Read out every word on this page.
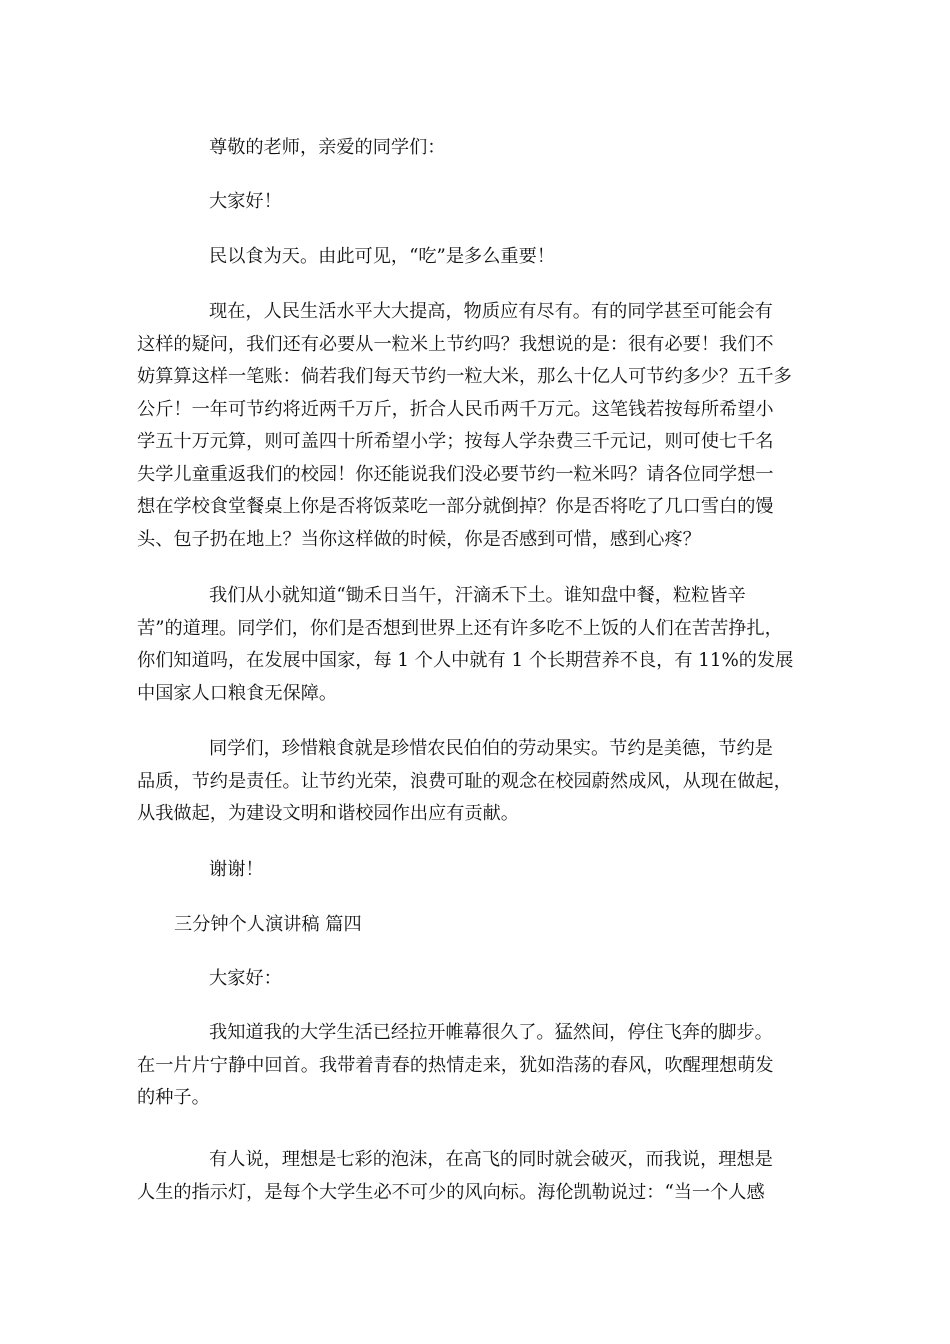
尊敬的老师，亲爱的同学们：

大家好！

民以食为天。由此可见，“吃”是多么重要！

现在，人民生活水平大大提高，物质应有尽有。有的同学甚至可能会有
这样的疑问，我们还有必要从一粒米上节约吗？我想说的是：很有必要！我们不
妨算算这样一笔账：倘若我们每天节约一粒大米，那么十亿人可节约多少？五千多
公斤！一年可节约将近两千万斤，折合人民币两千万元。这笔钱若按每所希望小
学五十万元算，则可盖四十所希望小学；按每人学杂费三千元记，则可使七千名
失学儿童重返我们的校园！你还能说我们没必要节约一粒米吗？请各位同学想一
想在学校食堂餐桌上你是否将饭菜吃一部分就倒掉？你是否将吃了几口雪白的馒
头、包子扔在地上？当你这样做的时候，你是否感到可惜，感到心疼？

我们从小就知道“锄禾日当午，汗滴禾下土。谁知盘中餐，粒粒皆辛
苦”的道理。同学们，你们是否想到世界上还有许多吃不上饭的人们在苦苦挣扎，
你们知道吗，在发展中国家，每 1 个人中就有 1 个长期营养不良，有 11%的发展
中国家人口粮食无保障。

同学们，珍惜粮食就是珍惜农民伯伯的劳动果实。节约是美德，节约是
品质，节约是责任。让节约光荣，浪费可耻的观念在校园蔚然成风，从现在做起，
从我做起，为建设文明和谐校园作出应有贡献。

谢谢！

三分钟个人演讲稿 篇四

大家好：

我知道我的大学生活已经拉开帷幕很久了。猛然间，停住飞奔的脚步。
在一片片宁静中回首。我带着青春的热情走来，犹如浩荡的春风，吹醒理想萌发
的种子。

有人说，理想是七彩的泡沫，在高飞的同时就会破灭，而我说，理想是
人生的指示灯，是每个大学生必不可少的风向标。海伦凯勒说过：“当一个人感
